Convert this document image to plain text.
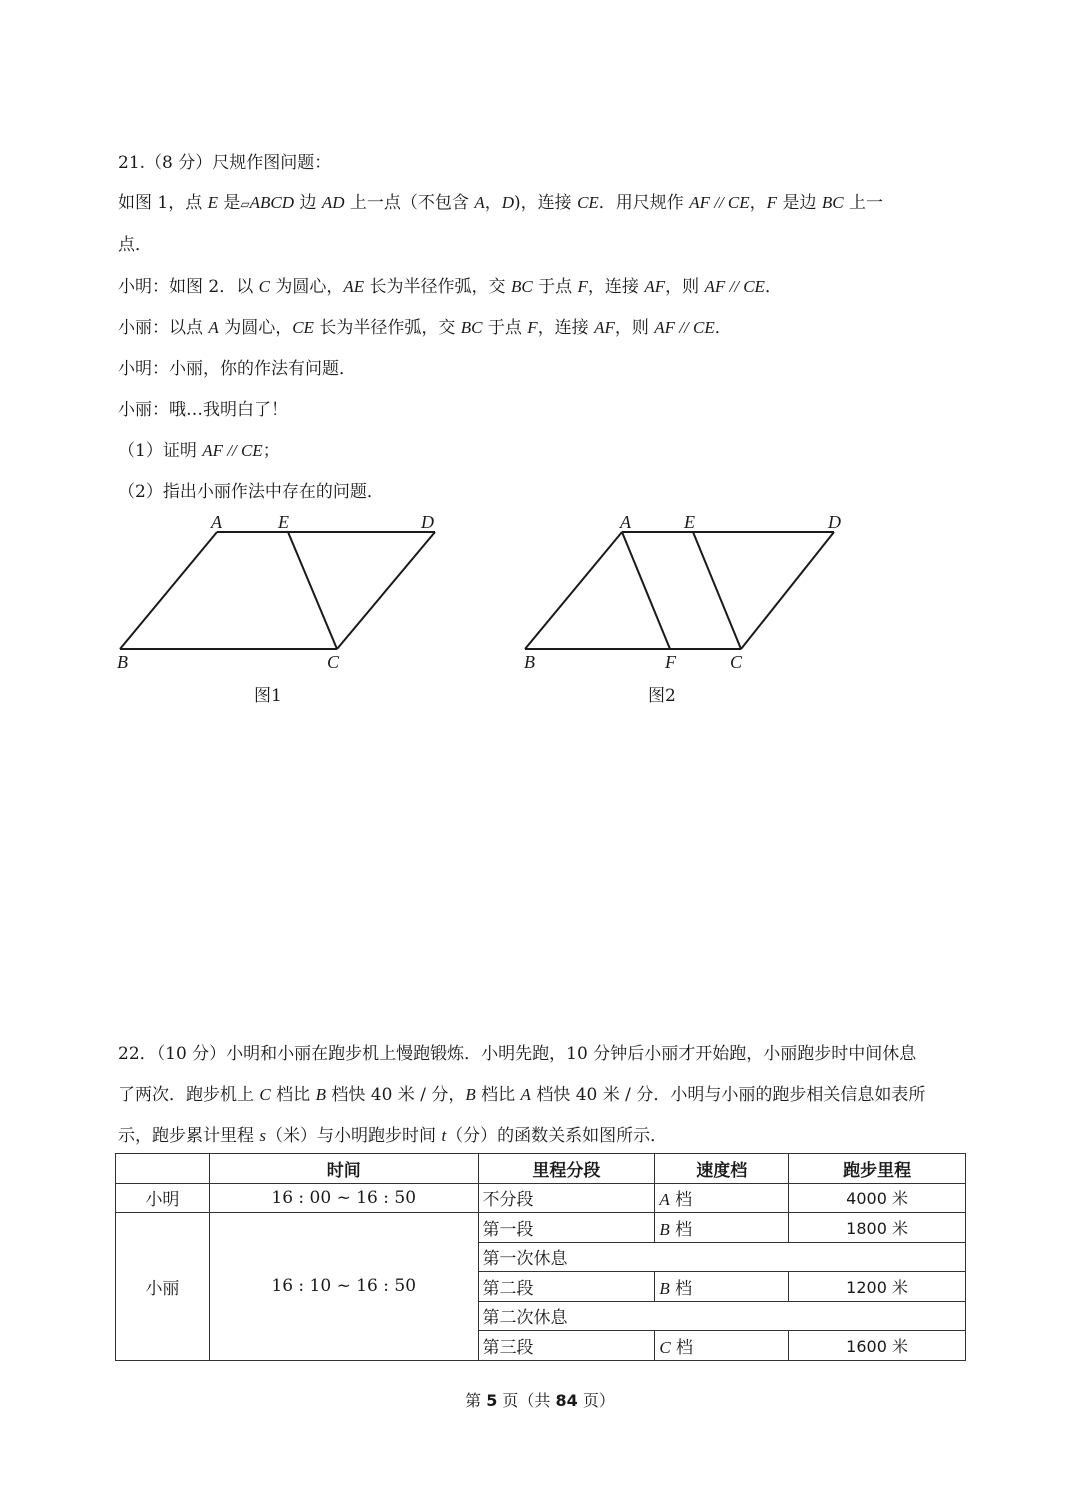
21.（8 分）尺规作图问题：
如图 1，点 E 是▱ABCD 边 AD 上一点（不包含 A，D)，连接 CE．用尺规作 AF // CE，F 是边 BC 上一
点．
小明：如图 2．以 C 为圆心，AE 长为半径作弧，交 BC 于点 F，连接 AF，则 AF // CE．
小丽：以点 A 为圆心，CE 长为半径作弧，交 BC 于点 F，连接 AF，则 AF // CE．
小明：小丽，你的作法有问题．
小丽：哦…我明白了！
（1）证明 AF // CE；
（2）指出小丽作法中存在的问题．
A	E	D
B	C
图1
A	E	D
B	F	C
图2
22．（10 分）小明和小丽在跑步机上慢跑锻炼．小明先跑，10 分钟后小丽才开始跑，小丽跑步时中间休息
了两次．跑步机上 C 档比 B 档快 40 米 / 分，B 档比 A 档快 40 米 / 分．小明与小丽的跑步相关信息如表所
示，跑步累计里程 s（米）与小明跑步时间 t（分）的函数关系如图所示．
	时间	里程分段	速度档	跑步里程
小明	16 : 00 ~ 16 : 50	不分段	A 档	4000 米
小丽	16 : 10 ~ 16 : 50	第一段	B 档	1800 米
		第一次休息		
		第二段	B 档	1200 米
		第二次休息		
		第三段	C 档	1600 米
第 5 页（共 84 页）
